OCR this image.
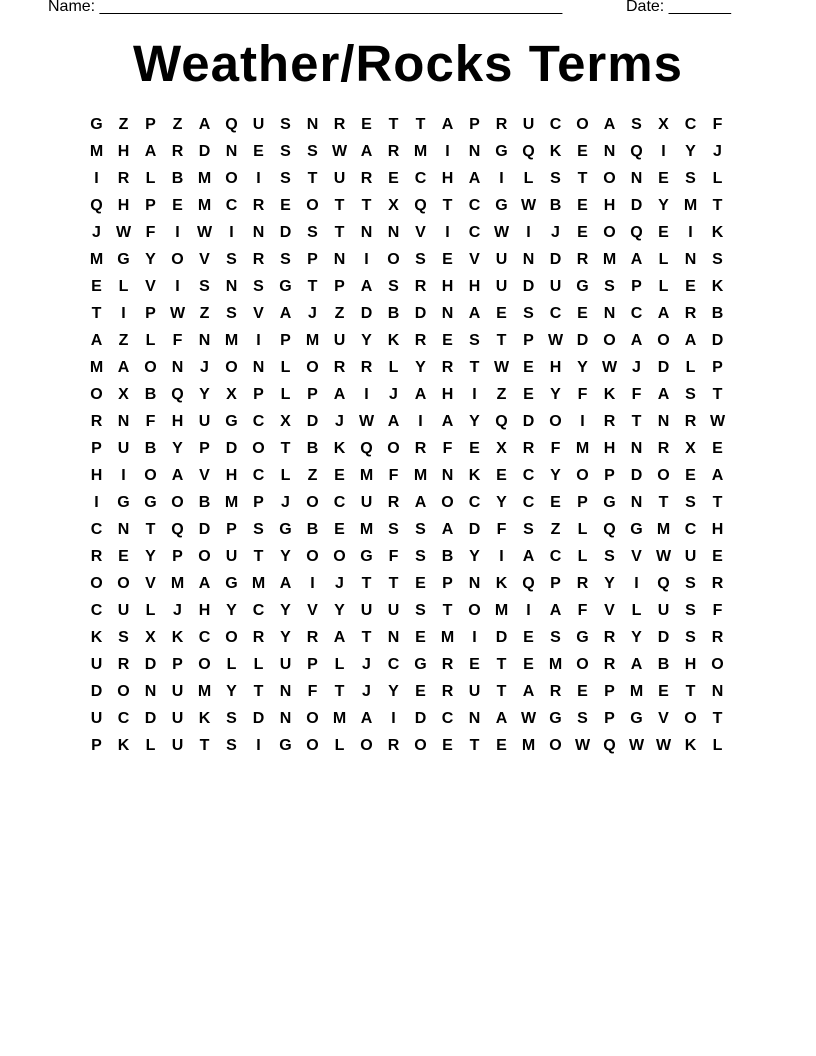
Name: ____________________________________________________	Date: _______
Weather/Rocks Terms
G Z	P	Z	A Q U S N R E	T	T	A P R U C O A S	X C	F
M H A R D N E	S	S W A R M	I	N G Q K E N Q	I	Y	J
I	R	L	B M O	I	S	T	U R E C H A	I	L	S	T O N E	S	L
Q H P	E M C R E O T	T	X Q T	C G W B E H D Y M T
J W F	I	W	I	N D S	T	N N V	I	C W	I	J	E O Q E	I	K
M G Y O V	S R S	P N	I	O S	E	V U N D R M A	L	N S
E	L	V	I	S N S G T	P A S R H H U D U G S	P	L	E K
T	I	P W Z	S	V A	J	Z	D B D N A E	S C E N C A R B
A	Z	L	F	N M	I	P M U Y K R E	S	T	P W D O A O A D
M A O N	J	O N	L O R R	L	Y R	T W E H Y W J	D	L	P
O X B Q Y	X	P	L	P A	I	J	A H	I	Z	E	Y	F	K	F	A S	T
R N	F	H U G C X D	J W A	I	A Y Q D O	I	R	T	N R W
P U B Y	P D O T	B K Q O R	F	E	X R	F M H N R X	E
H	I	O A V H C	L	Z	E M F M N K E C Y O P D O E A
I	G G O B M P	J	O C U R A O C Y C E	P G N	T	S	T
C N	T Q D P	S G B E M S	S A D	F	S	Z	L Q G M C H
R E	Y	P O U	T	Y O O G F	S B Y	I	A C	L	S	V W U E
O O V M A G M A	I	J	T	T	E	P N K Q P R Y	I	Q S R
C U	L	J	H Y C Y	V	Y U U S	T O M	I	A	F	V	L	U S	F
K S	X K C O R Y R A	T	N E M	I	D E	S G R Y D S R
U R D P O L	L	U P	L	J	C G R E	T	E M O R A B H O
D O N U M Y	T	N	F	T	J	Y	E R U	T	A R E	P M E	T	N
U C D U K S D N O M A	I	D C N A W G S	P G V O T
P K	L	U	T	S	I	G O L O R O E	T	E M O W Q W W K	L
